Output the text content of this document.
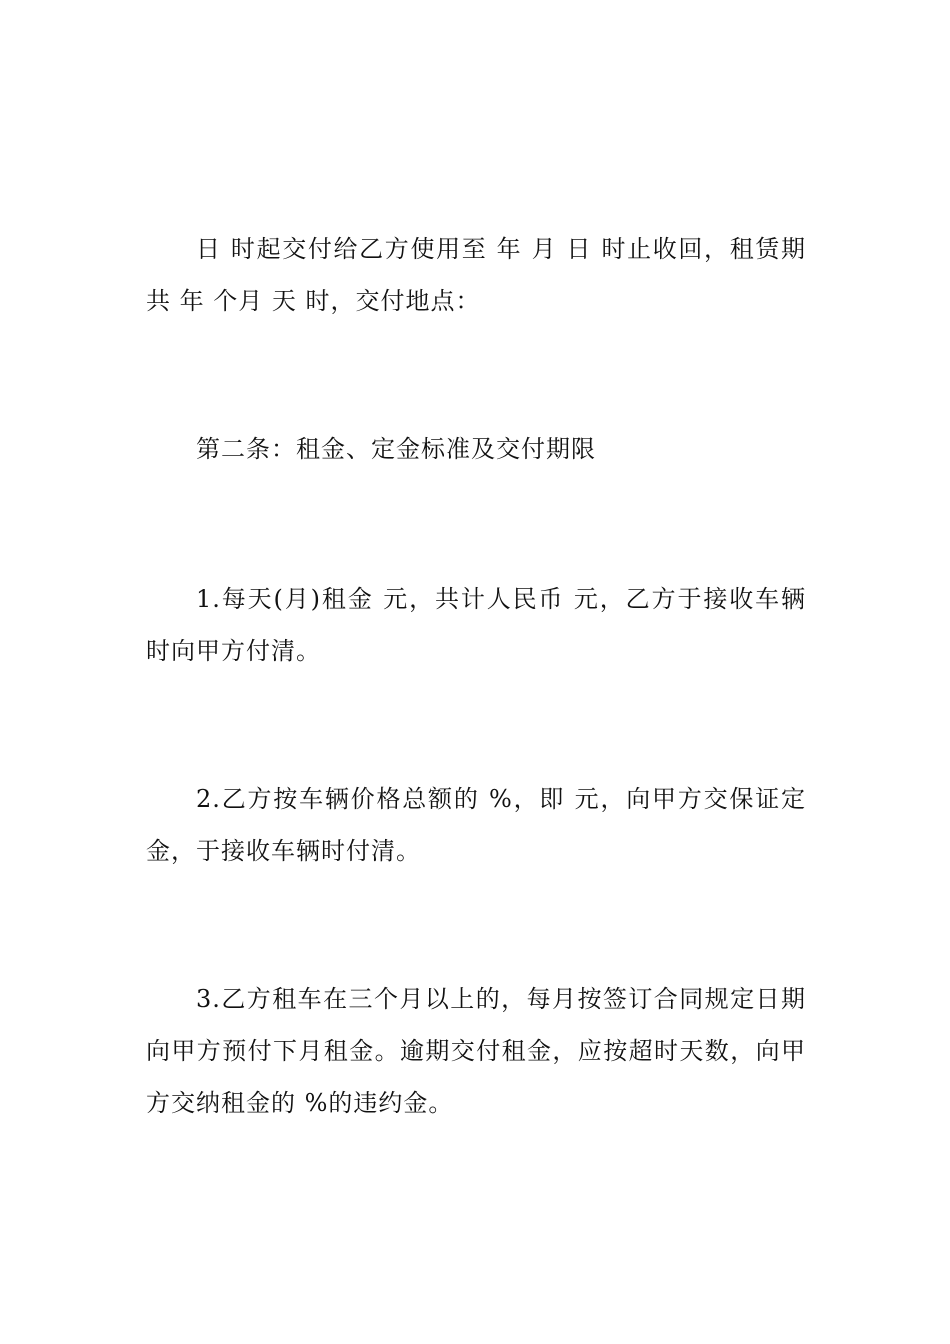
日 时起交付给乙方使用至 年 月 日 时止收回，租赁期共 年 个月 天 时，交付地点：

第二条：租金、定金标准及交付期限

1.每天(月)租金 元，共计人民币 元，乙方于接收车辆时向甲方付清。

2.乙方按车辆价格总额的 %，即 元，向甲方交保证定金，于接收车辆时付清。

3.乙方租车在三个月以上的，每月按签订合同规定日期向甲方预付下月租金。逾期交付租金，应按超时天数，向甲方交纳租金的 %的违约金。
